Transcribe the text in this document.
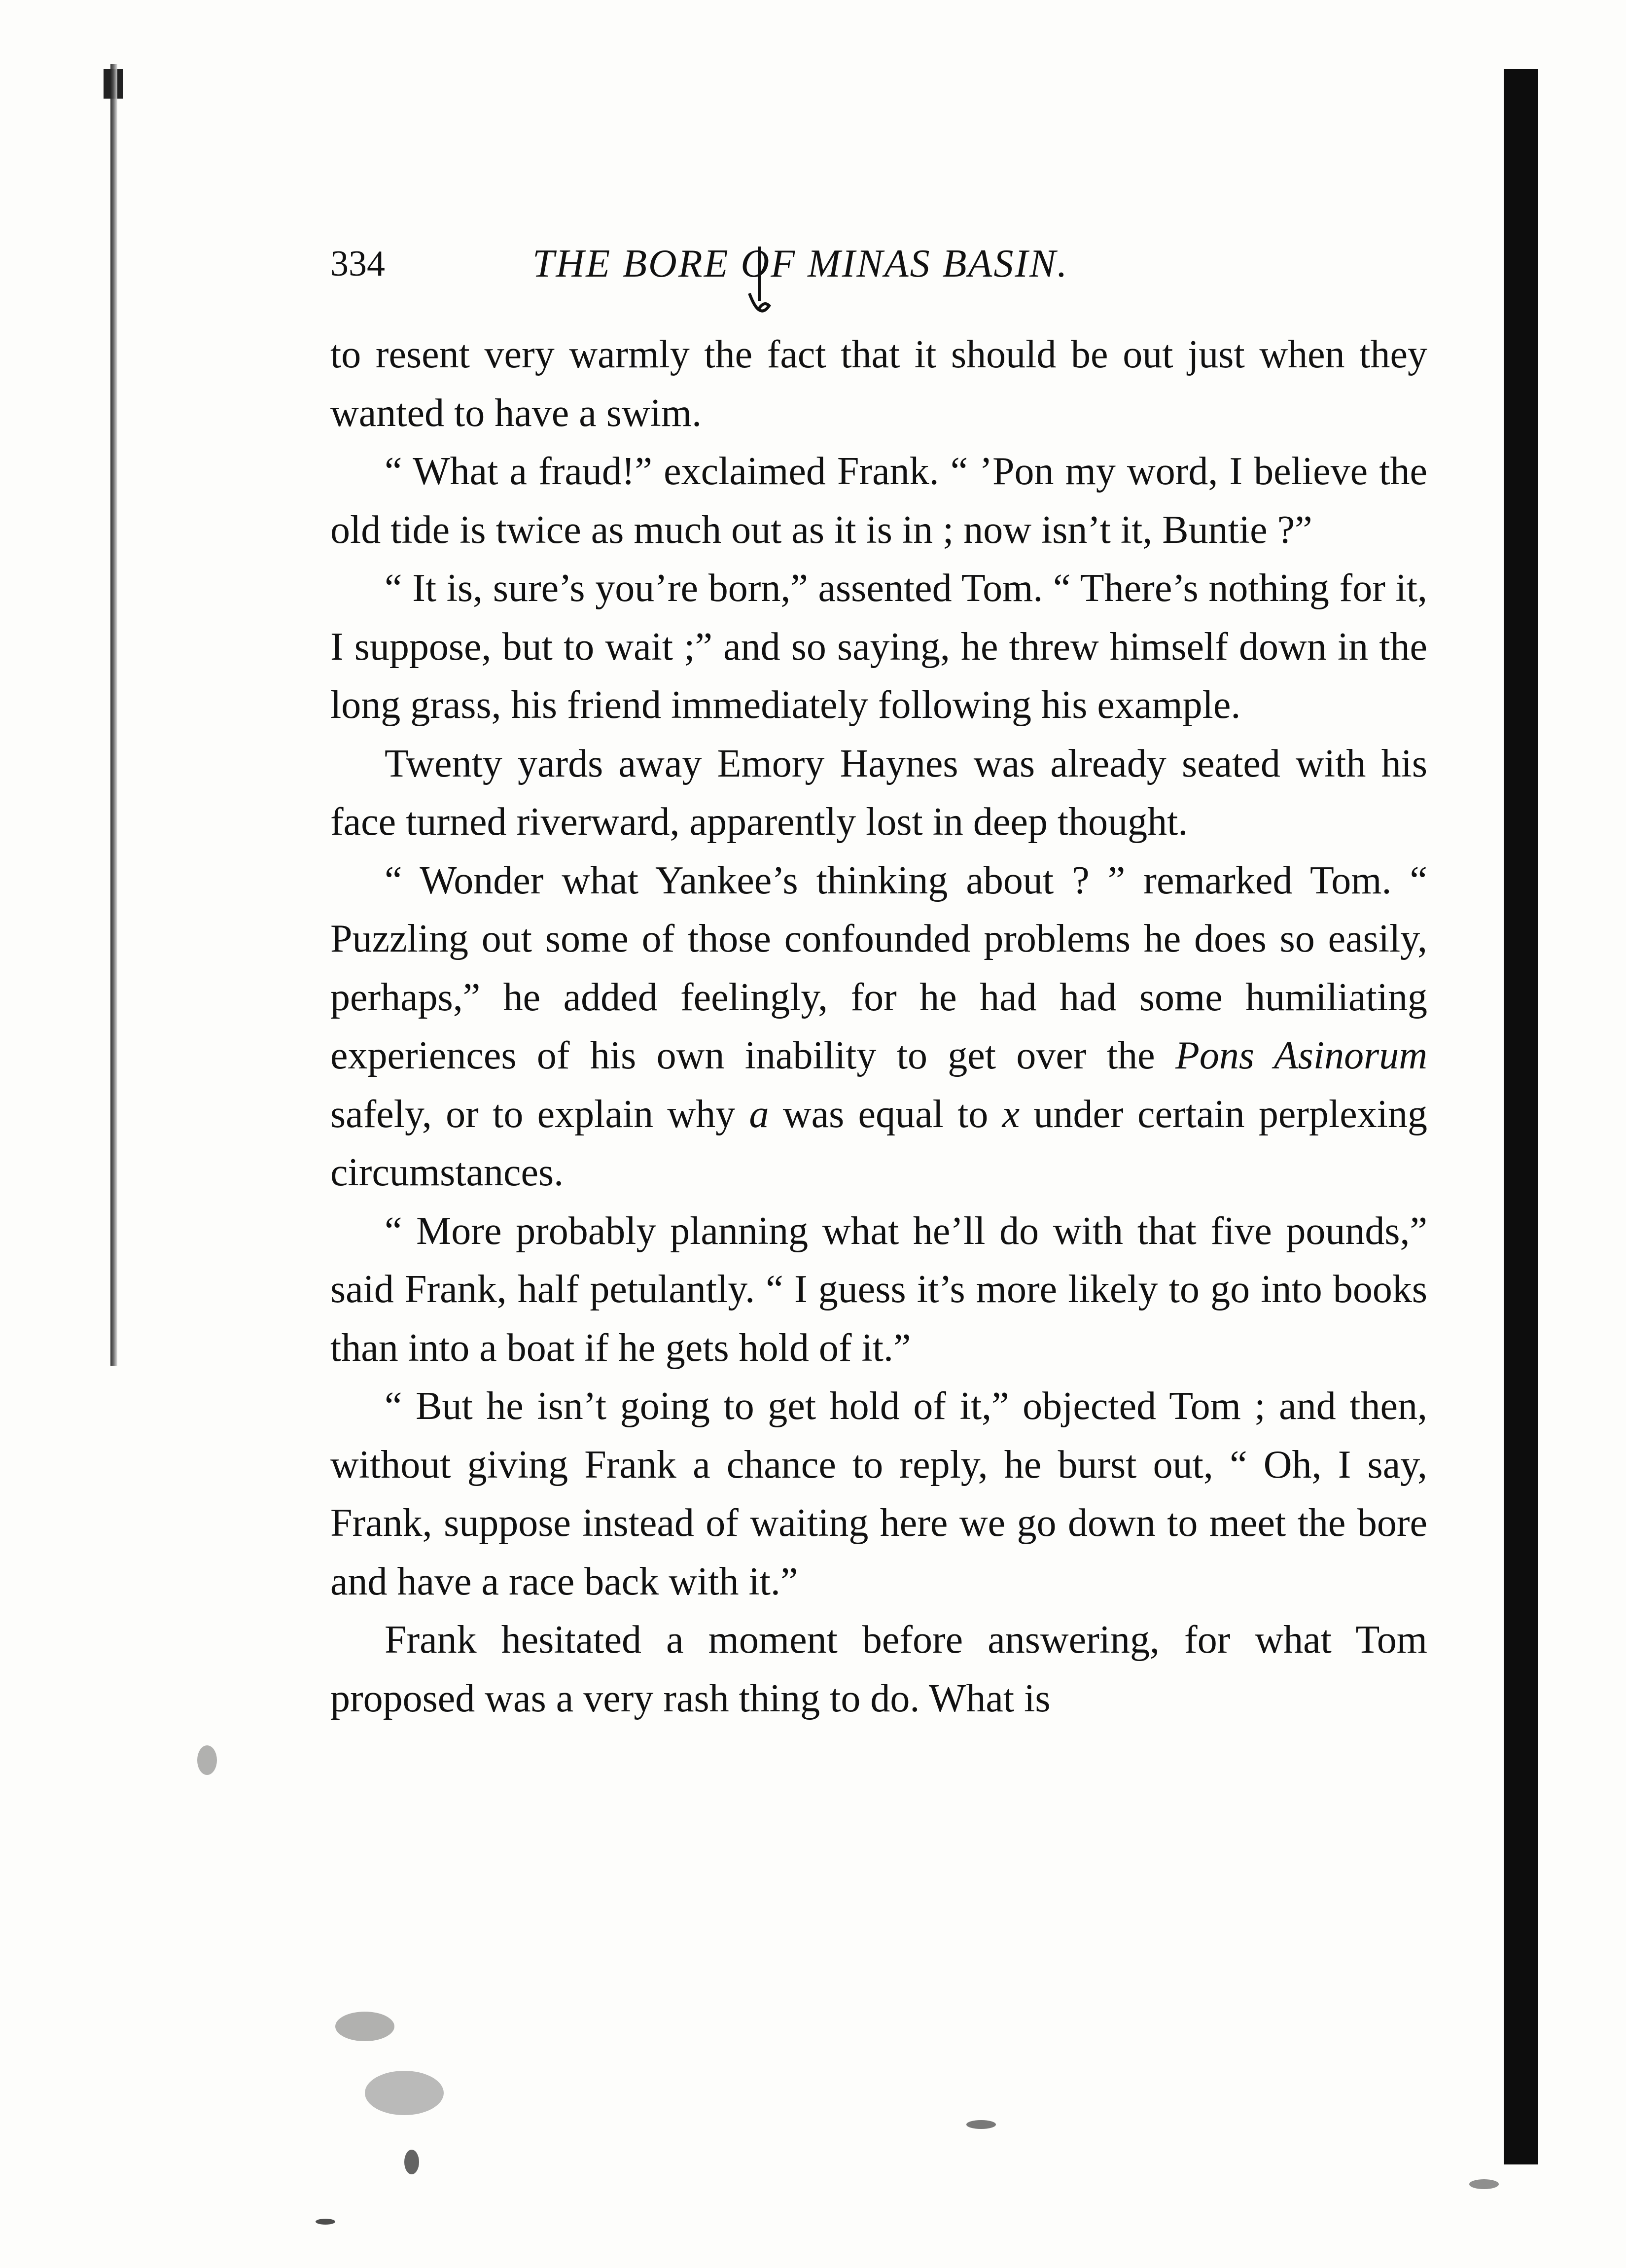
334	THE BORE OF MINAS BASIN.

to resent very warmly the fact that it should be out just when they wanted to have a swim.

“ What a fraud!” exclaimed Frank. “ ’Pon my word, I believe the old tide is twice as much out as it is in ; now isn’t it, Buntie ?”

“ It is, sure’s you’re born,” assented Tom. “ There’s nothing for it, I suppose, but to wait ;” and so saying, he threw himself down in the long grass, his friend immediately following his example.

Twenty yards away Emory Haynes was already seated with his face turned riverward, apparently lost in deep thought.

“ Wonder what Yankee’s thinking about ? ” remarked Tom. “ Puzzling out some of those confounded problems he does so easily, perhaps,” he added feelingly, for he had had some humiliating experiences of his own inability to get over the Pons Asinorum safely, or to explain why a was equal to x under certain perplexing circumstances.

“ More probably planning what he’ll do with that five pounds,” said Frank, half petulantly. “ I guess it’s more likely to go into books than into a boat if he gets hold of it.”

“ But he isn’t going to get hold of it,” objected Tom ; and then, without giving Frank a chance to reply, he burst out, “ Oh, I say, Frank, suppose instead of waiting here we go down to meet the bore and have a race back with it.”

Frank hesitated a moment before answering, for what Tom proposed was a very rash thing to do. What is
